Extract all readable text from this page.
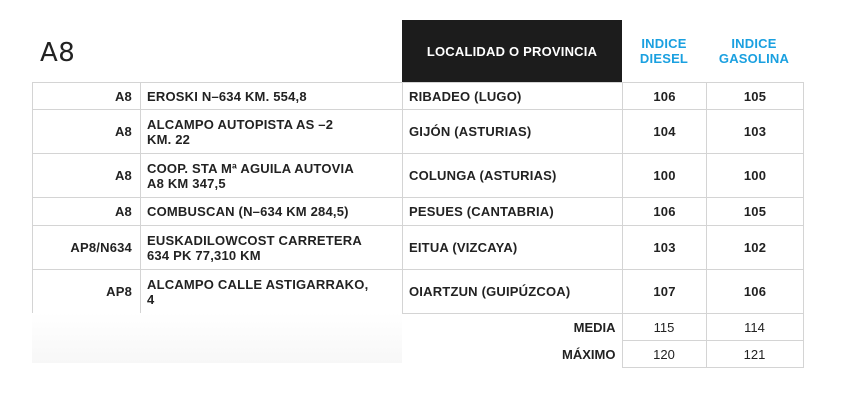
A8	LOCALIDAD O PROVINCIA	INDICE
DIESEL
INDICE
GASOLINA
A8	EROSKI N–634 KM. 554,8	RIBADEO (LUGO)	106	105
A8	ALCAMPO AUTOPISTA AS –2
KM. 22	GIJÓN (ASTURIAS)	104	103
A8	COOP. STA Mª AGUILA AUTOVIA
A8 KM 347,5	COLUNGA (ASTURIAS)	100	100
A8	COMBUSCAN (N–634 KM 284,5)	PESUES (CANTABRIA)	106	105
AP8/N634	EUSKADILOWCOST CARRETERA
634 PK 77,310 KM	EITUA (VIZCAYA)	103	102
AP8	ALCAMPO CALLE ASTIGARRAKO,
4	OIARTZUN (GUIPÚZCOA)	107	106
MEDIA	115	114
MÁXIMO	120	121
